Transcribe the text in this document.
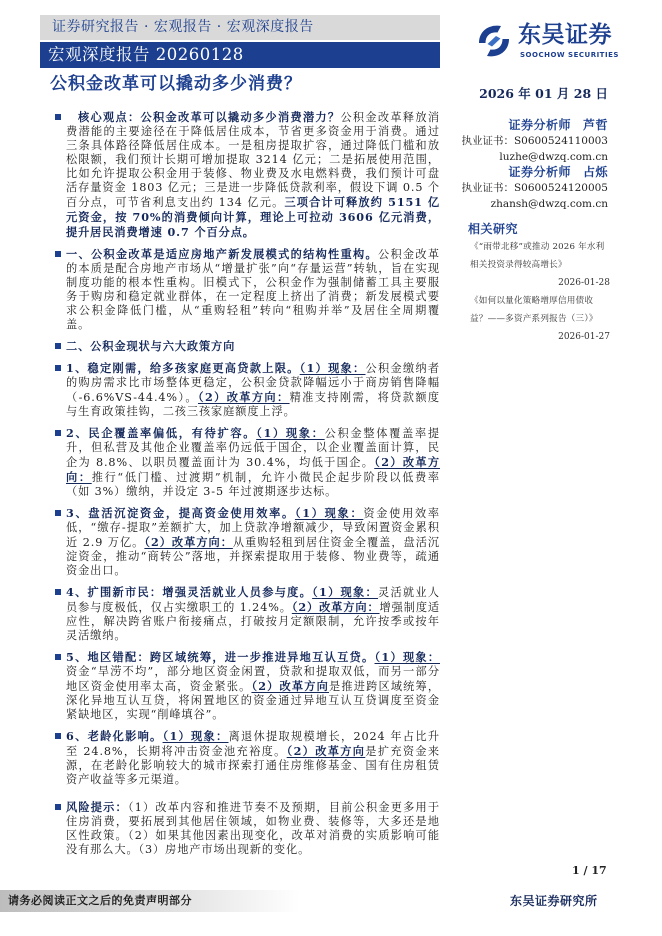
证券研究报告 · 宏观报告 · 宏观深度报告
宏观深度报告 20260128
东吴证券
SOOCHOW SECURITIES
公积金改革可以撬动多少消费？	2026 年 01 月 28 日
证券分析师 芦哲
执业证书：S0600524110003
luzhe@dwzq.com.cn
证券分析师 占烁
执业证书：S0600524120005
zhansh@dwzq.com.cn
相关研究
《“雨带北移”或推动 2026 年水利相关投资录得较高增长》
2026-01-28
《如何以量化策略增厚信用债收益？——多资产系列报告（三）》
2026-01-27

核心观点：公积金改革可以撬动多少消费潜力？公积金改革释放消费潜能的主要途径在于降低居住成本，节省更多资金用于消费。通过三条具体路径降低居住成本。一是租房提取扩容，通过降低门槛和放松限额，我们预计长期可增加提取 3214 亿元；二是拓展使用范围，比如允许提取公积金用于装修、物业费及水电燃料费，我们预计可盘活存量资金 1803 亿元；三是进一步降低贷款利率，假设下调 0.5 个百分点，可节省利息支出约 134 亿元。三项合计可释放约 5151 亿元资金，按 70%的消费倾向计算，理论上可拉动 3606 亿元消费，提升居民消费增速 0.7 个百分点。

一、公积金改革是适应房地产新发展模式的结构性重构。公积金改革的本质是配合房地产市场从“增量扩张”向“存量运营”转轨，旨在实现制度功能的根本性重构。旧模式下，公积金作为强制储蓄工具主要服务于购房和稳定就业群体，在一定程度上挤出了消费；新发展模式要求公积金降低门槛，从“重购轻租”转向“租购并举”及居住全周期覆盖。

二、公积金现状与六大政策方向

1、稳定刚需，给多孩家庭更高贷款上限。（1）现象：公积金缴纳者的购房需求比市场整体更稳定，公积金贷款降幅远小于商房销售降幅（-6.6%VS-44.4%）。（2）改革方向：精准支持刚需，将贷款额度与生育政策挂钩，二孩三孩家庭额度上浮。

2、民企覆盖率偏低，有待扩容。（1）现象：公积金整体覆盖率提升，但私营及其他企业覆盖率仍远低于国企，以企业覆盖面计算，民企为 8.8%、以职员覆盖面计为 30.4%，均低于国企。（2）改革方向：推行“低门槛、过渡期”机制，允许小微民企起步阶段以低费率（如 3%）缴纳，并设定 3-5 年过渡期逐步达标。

3、盘活沉淀资金，提高资金使用效率。（1）现象：资金使用效率低，“缴存-提取”差额扩大，加上贷款净增额减少，导致闲置资金累积近 2.9 万亿。（2）改革方向：从重购轻租到居住资金全覆盖，盘活沉淀资金，推动“商转公”落地，并探索提取用于装修、物业费等，疏通资金出口。

4、扩围新市民：增强灵活就业人员参与度。（1）现象：灵活就业人员参与度极低，仅占实缴职工的 1.24%。（2）改革方向：增强制度适应性，解决跨省账户衔接痛点，打破按月定额限制，允许按季或按年灵活缴纳。

5、地区错配：跨区域统筹，进一步推进异地互认互贷。（1）现象：资金“旱涝不均”，部分地区资金闲置，贷款和提取双低，而另一部分地区资金使用率太高，资金紧张。（2）改革方向是推进跨区域统筹，深化异地互认互贷，将闲置地区的资金通过异地互认互贷调度至资金紧缺地区，实现“削峰填谷”。

6、老龄化影响。（1）现象：离退休提取规模增长，2024 年占比升至 24.8%，长期将冲击资金池充裕度。（2）改革方向是扩充资金来源，在老龄化影响较大的城市探索打通住房维修基金、国有住房租赁资产收益等多元渠道。

风险提示：（1）改革内容和推进节奏不及预期，目前公积金更多用于住房消费，要拓展到其他居住领域，如物业费、装修等，大多还是地区性政策。（2）如果其他因素出现变化，改革对消费的实质影响可能没有那么大。（3）房地产市场出现新的变化。

1 / 17
请务必阅读正文之后的免责声明部分	东吴证券研究所
